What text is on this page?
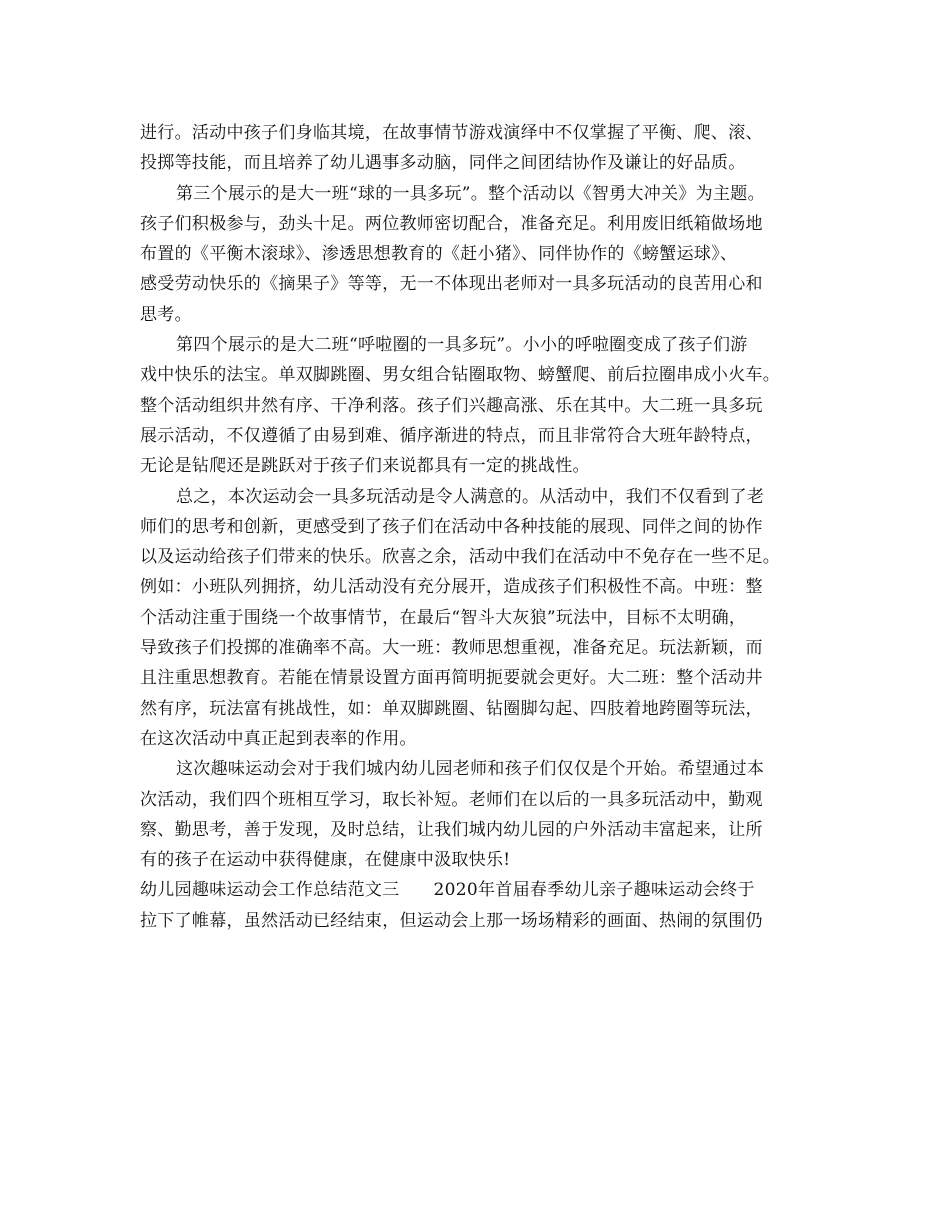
进行。活动中孩子们身临其境，在故事情节游戏演绎中不仅掌握了平衡、爬、滚、
投掷等技能，而且培养了幼儿遇事多动脑，同伴之间团结协作及谦让的好品质。
第三个展示的是大一班“球的一具多玩”。整个活动以《智勇大冲关》为主题。
孩子们积极参与，劲头十足。两位教师密切配合，准备充足。利用废旧纸箱做场地
布置的《平衡木滚球》、渗透思想教育的《赶小猪》、同伴协作的《螃蟹运球》、
感受劳动快乐的《摘果子》等等，无一不体现出老师对一具多玩活动的良苦用心和
思考。
第四个展示的是大二班“呼啦圈的一具多玩”。小小的呼啦圈变成了孩子们游
戏中快乐的法宝。单双脚跳圈、男女组合钻圈取物、螃蟹爬、前后拉圈串成小火车。
整个活动组织井然有序、干净利落。孩子们兴趣高涨、乐在其中。大二班一具多玩
展示活动，不仅遵循了由易到难、循序渐进的特点，而且非常符合大班年龄特点，
无论是钻爬还是跳跃对于孩子们来说都具有一定的挑战性。
总之，本次运动会一具多玩活动是令人满意的。从活动中，我们不仅看到了老
师们的思考和创新，更感受到了孩子们在活动中各种技能的展现、同伴之间的协作
以及运动给孩子们带来的快乐。欣喜之余，活动中我们在活动中不免存在一些不足。
例如：小班队列拥挤，幼儿活动没有充分展开，造成孩子们积极性不高。中班：整
个活动注重于围绕一个故事情节，在最后“智斗大灰狼”玩法中，目标不太明确，
导致孩子们投掷的准确率不高。大一班：教师思想重视，准备充足。玩法新颖，而
且注重思想教育。若能在情景设置方面再简明扼要就会更好。大二班：整个活动井
然有序，玩法富有挑战性，如：单双脚跳圈、钻圈脚勾起、四肢着地跨圈等玩法，
在这次活动中真正起到表率的作用。
这次趣味运动会对于我们城内幼儿园老师和孩子们仅仅是个开始。希望通过本
次活动，我们四个班相互学习，取长补短。老师们在以后的一具多玩活动中，勤观
察、勤思考，善于发现，及时总结，让我们城内幼儿园的户外活动丰富起来，让所
有的孩子在运动中获得健康，在健康中汲取快乐!
幼儿园趣味运动会工作总结范文三 2020年首届春季幼儿亲子趣味运动会终于
拉下了帷幕，虽然活动已经结束，但运动会上那一场场精彩的画面、热闹的氛围仍
